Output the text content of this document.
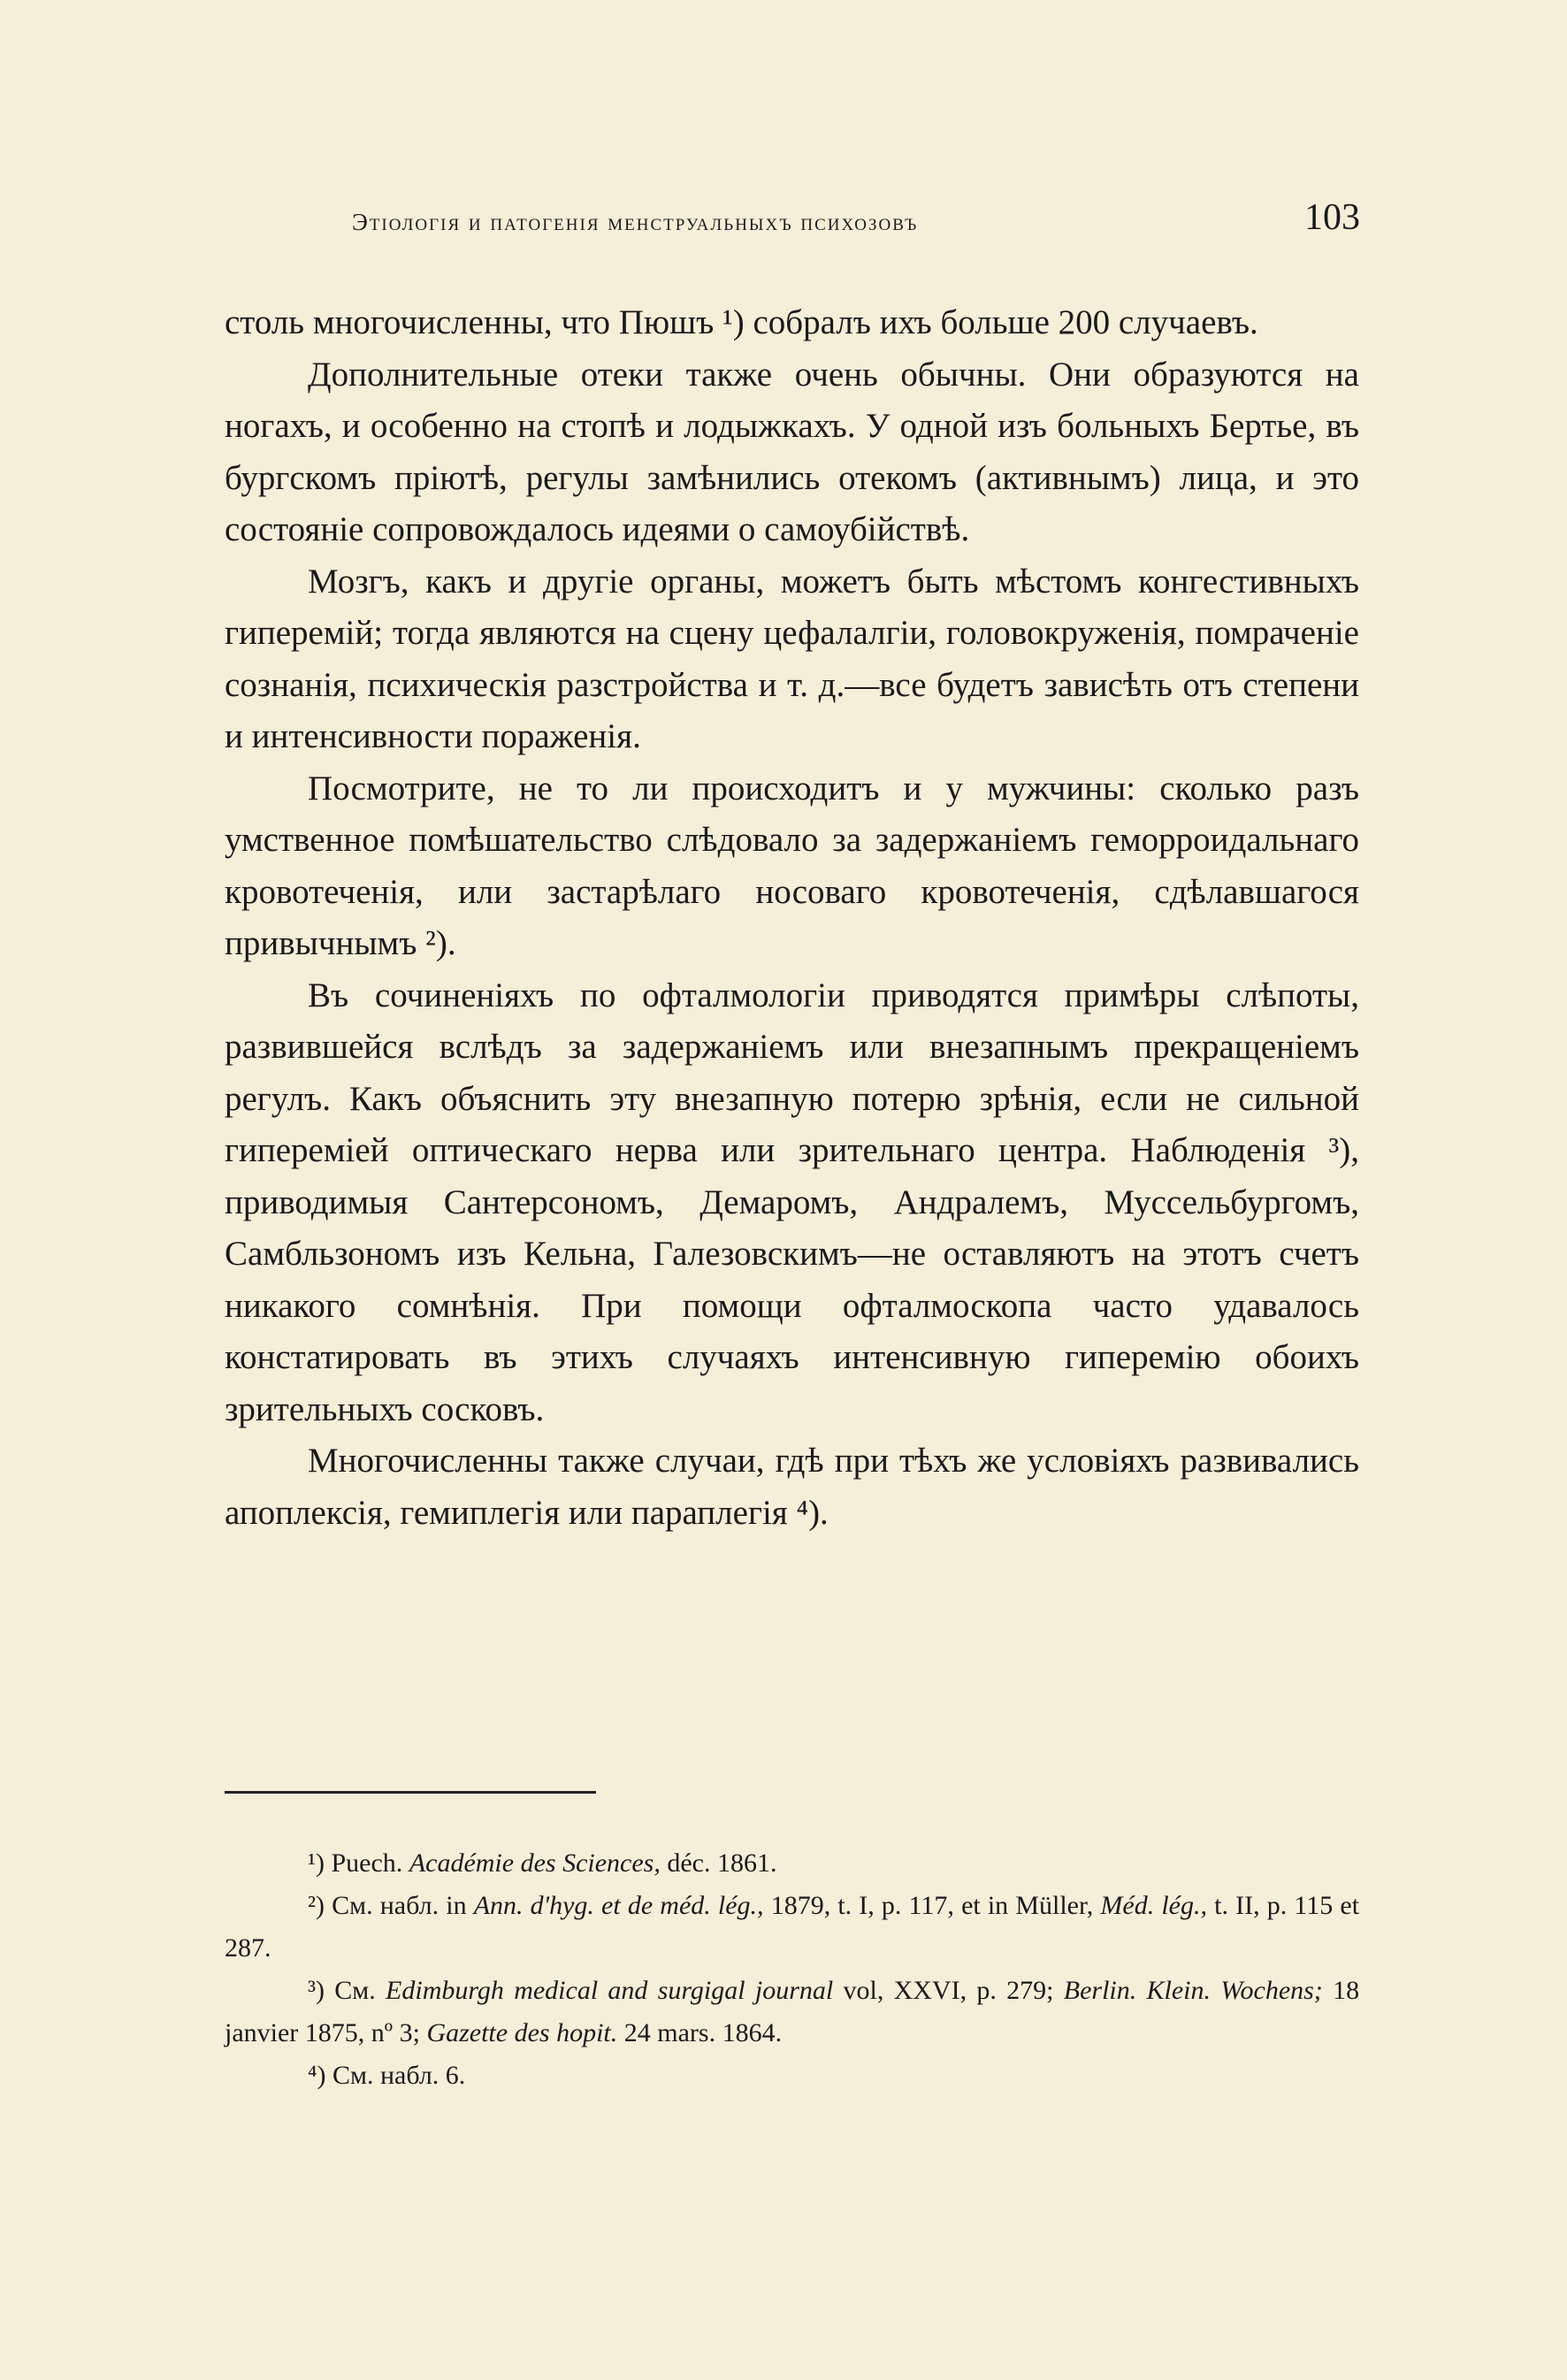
Этіологія и патогенія менструальныхъ психозовъ	103

столь многочисленны, что Пюшъ ¹) собралъ ихъ больше 200 случаевъ.

Дополнительные отеки также очень обычны. Они образуются на ногахъ, и особенно на стопѣ и лодыжкахъ. У одной изъ больныхъ Бертье, въ бургскомъ пріютѣ, регулы замѣнились отекомъ (активнымъ) лица, и это состояніе сопровождалось идеями о самоубійствѣ.

Мозгъ, какъ и другіе органы, можетъ быть мѣстомъ конгестивныхъ гиперемій; тогда являются на сцену цефалалгіи, головокруженія, помраченіе сознанія, психическія разстройства и т. д.—все будетъ зависѣть отъ степени и интенсивности пораженія.

Посмотрите, не то ли происходитъ и у мужчины: сколько разъ умственное помѣшательство слѣдовало за задержаніемъ геморроидальнаго кровотеченія, или застарѣлаго носоваго кровотеченія, сдѣлавшагося привычнымъ ²).

Въ сочиненіяхъ по офталмологіи приводятся примѣры слѣпоты, развившейся вслѣдъ за задержаніемъ или внезапнымъ прекращеніемъ регулъ. Какъ объяснить эту внезапную потерю зрѣнія, если не сильной гипереміей оптическаго нерва или зрительнаго центра. Наблюденія ³), приводимыя Сантерсономъ, Демаромъ, Андралемъ, Муссельбургомъ, Самбльзономъ изъ Кельна, Галезовскимъ—не оставляютъ на этотъ счетъ никакого сомнѣнія. При помощи офталмоскопа часто удавалось констатировать въ этихъ случаяхъ интенсивную гиперемію обоихъ зрительныхъ сосковъ.

Многочисленны также случаи, гдѣ при тѣхъ же условіяхъ развивались апоплексія, гемиплегія или параплегія ⁴).

¹) Puech. Académie des Sciences, déc. 1861.

²) См. набл. in Ann. d'hyg. et de méd. lég., 1879, t. I, p. 117, et in Müller, Méd. lég., t. II, p. 115 et 287.

³) См. Edimburgh medical and surgigal journal vol, XXVI, p. 279; Berlin. Klein. Wochens; 18 janvier 1875, nº 3; Gazette des hopit. 24 mars. 1864.

⁴) См. набл. 6.
